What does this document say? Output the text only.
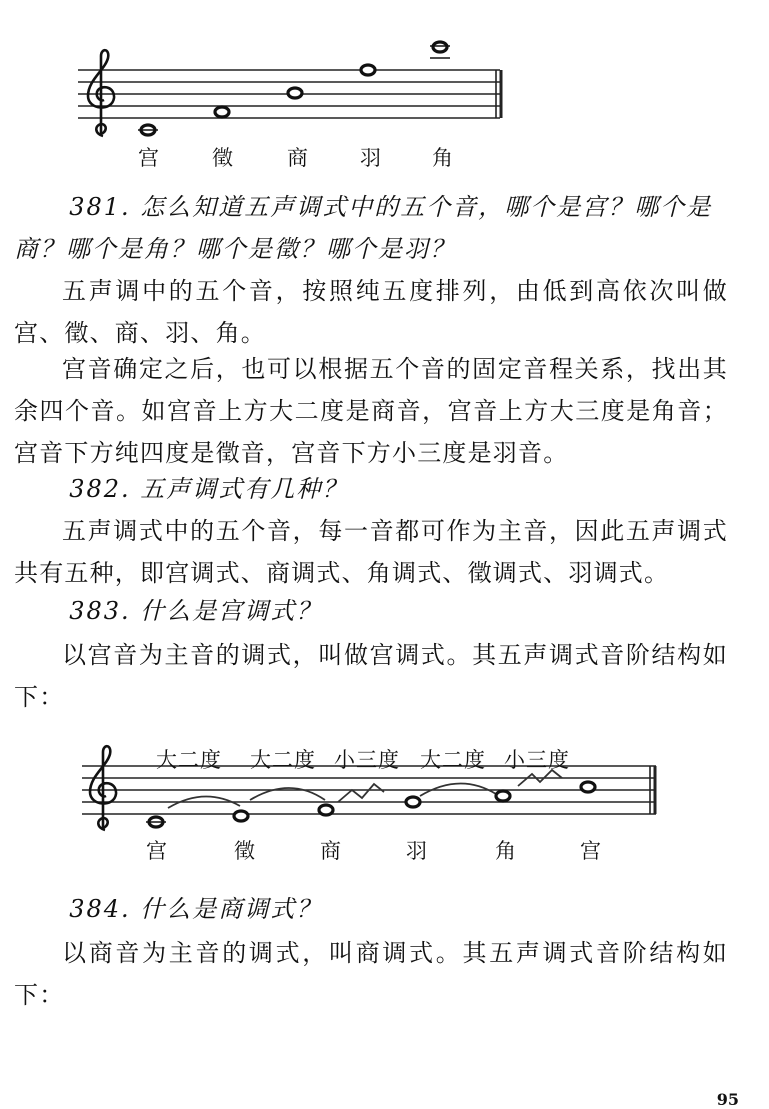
宫 徵	商 羽 角

381. 怎么知道五声调式中的五个音，哪个是宫？哪个是商？哪个是角？哪个是徵？哪个是羽？

五声调中的五个音，按照纯五度排列，由低到高依次叫做宫、徵、商、羽、角。

宫音确定之后，也可以根据五个音的固定音程关系，找出其余四个音。如宫音上方大二度是商音，宫音上方大三度是角音；宫音下方纯四度是徵音，宫音下方小三度是羽音。

382. 五声调式有几种？

五声调式中的五个音，每一音都可作为主音，因此五声调式共有五种，即宫调式、商调式、角调式、徵调式、羽调式。

383. 什么是宫调式？

以宫音为主音的调式，叫做宫调式。其五声调式音阶结构如下：

大二度 大二度 小三度 大二度 小三度
宫	徵	商	羽	角	宫

384. 什么是商调式？

以商音为主音的调式，叫商调式。其五声调式音阶结构如下：

95
